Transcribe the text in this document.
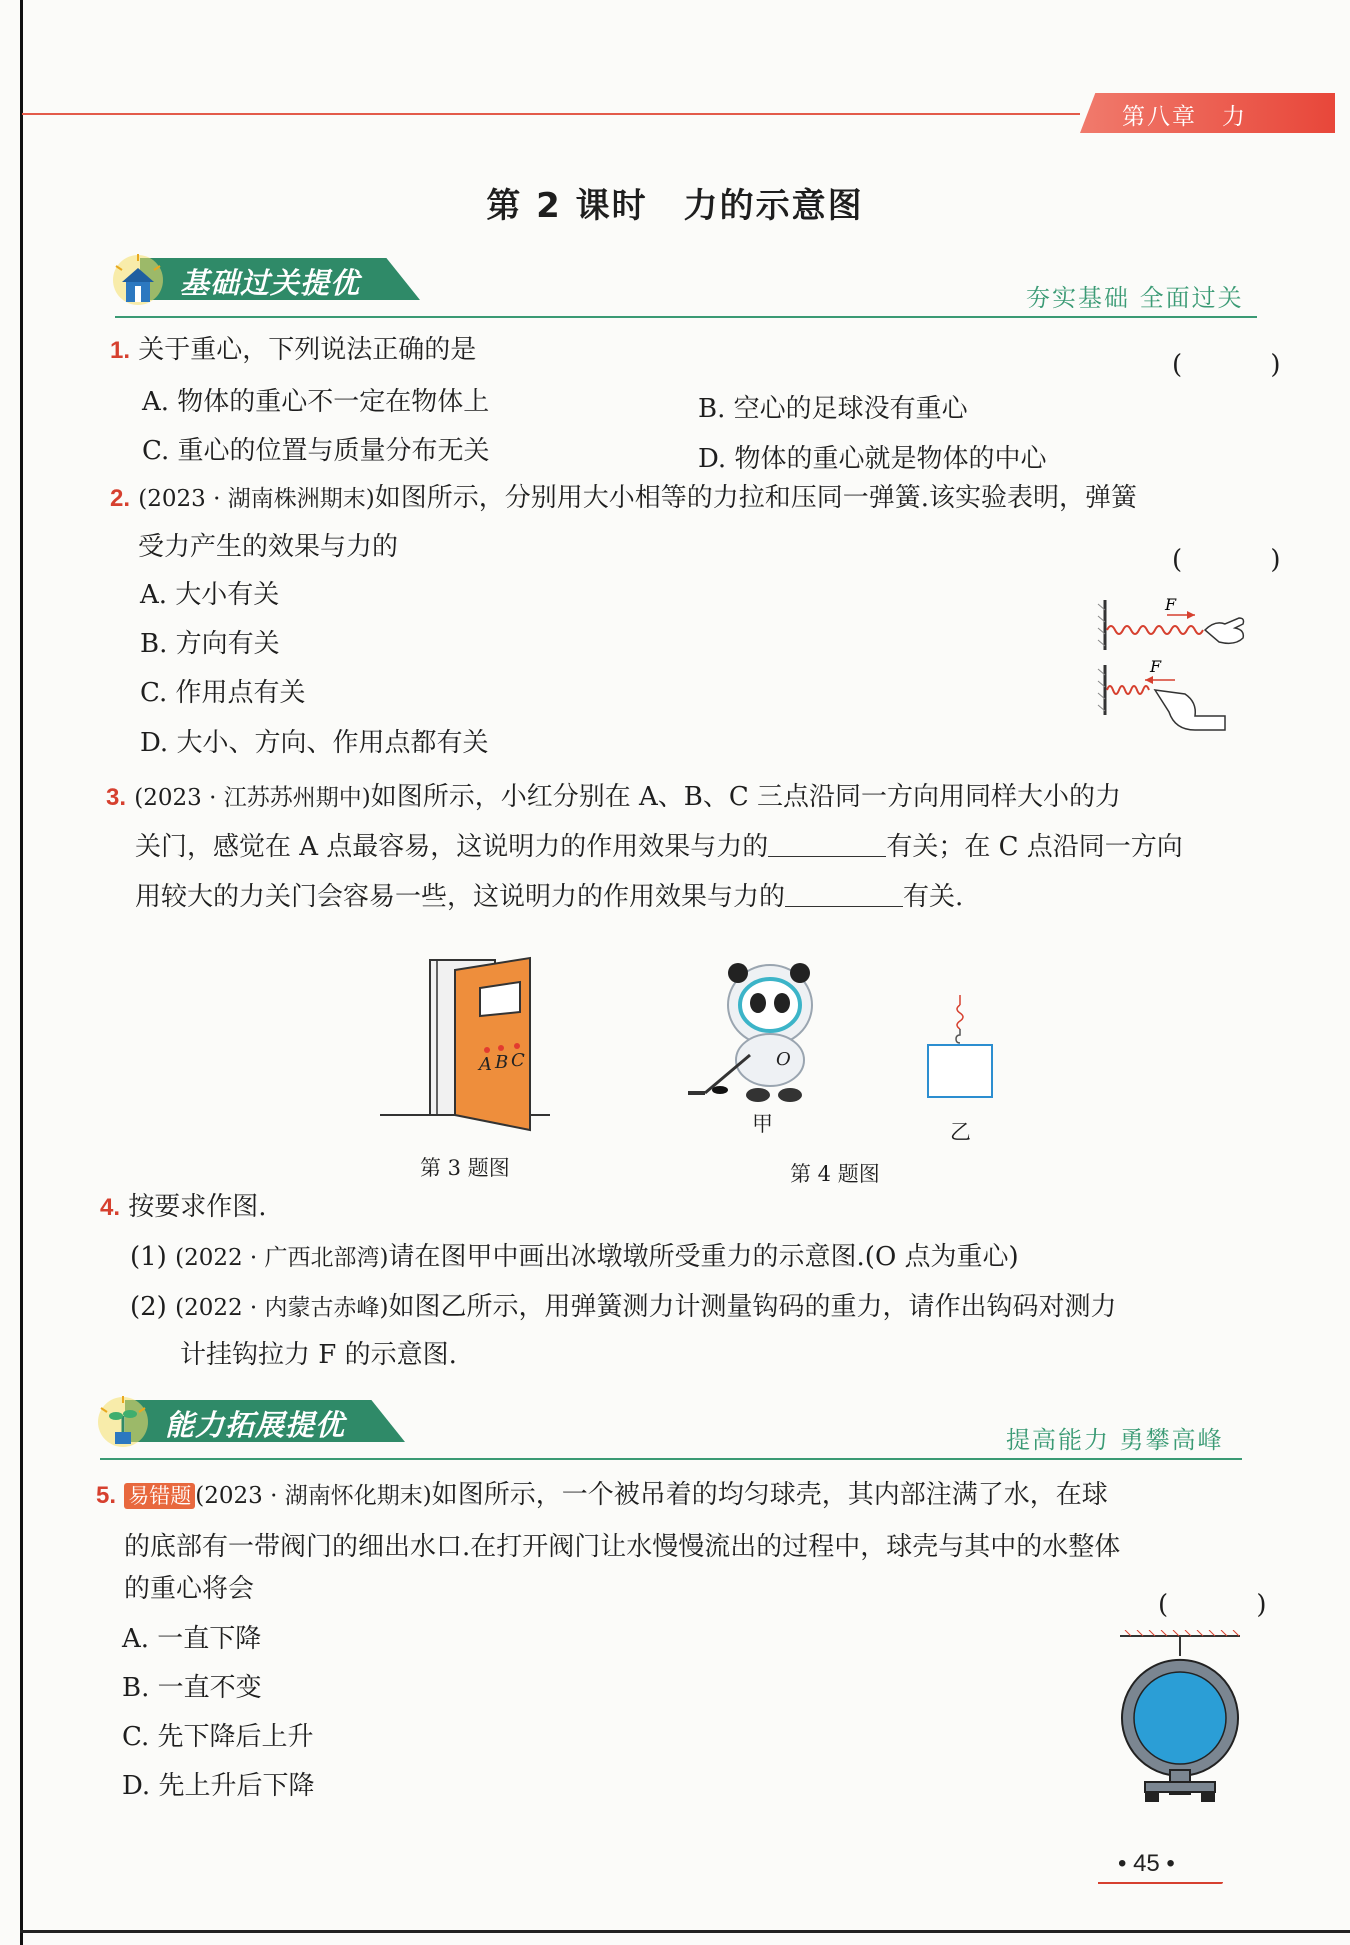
第八章　力
第 2 课时　力的示意图
基础过关提优	夯实基础 全面过关
1. 关于重心，下列说法正确的是	( )
A. 物体的重心不一定在物体上	B. 空心的足球没有重心
C. 重心的位置与质量分布无关	D. 物体的重心就是物体的中心
2. (2023 · 湖南株洲期末)如图所示，分别用大小相等的力拉和压同一弹簧.该实验表明，弹簧
受力产生的效果与力的	( )
A. 大小有关
B. 方向有关
C. 作用点有关
D. 大小、方向、作用点都有关
F
F
3. (2023 · 江苏苏州期中)如图所示，小红分别在 A、B、C 三点沿同一方向用同样大小的力
关门，感觉在 A 点最容易，这说明力的作用效果与力的	有关；在 C 点沿同一方向
用较大的力关门会容易一些，这说明力的作用效果与力的	有关.
A B C
第 3 题图
O
甲	乙
第 4 题图
4. 按要求作图.
(1) (2022 · 广西北部湾)请在图甲中画出冰墩墩所受重力的示意图.(O 点为重心)
(2) (2022 · 内蒙古赤峰)如图乙所示，用弹簧测力计测量钩码的重力，请作出钩码对测力
计挂钩拉力 F 的示意图.
能力拓展提优	提高能力 勇攀高峰
5. 易错题 (2023 · 湖南怀化期末)如图所示，一个被吊着的均匀球壳，其内部注满了水，在球
的底部有一带阀门的细出水口.在打开阀门让水慢慢流出的过程中，球壳与其中的水整体
的重心将会
( )
A. 一直下降
B. 一直不变
C. 先下降后上升
D. 先上升后下降
• 45 •
